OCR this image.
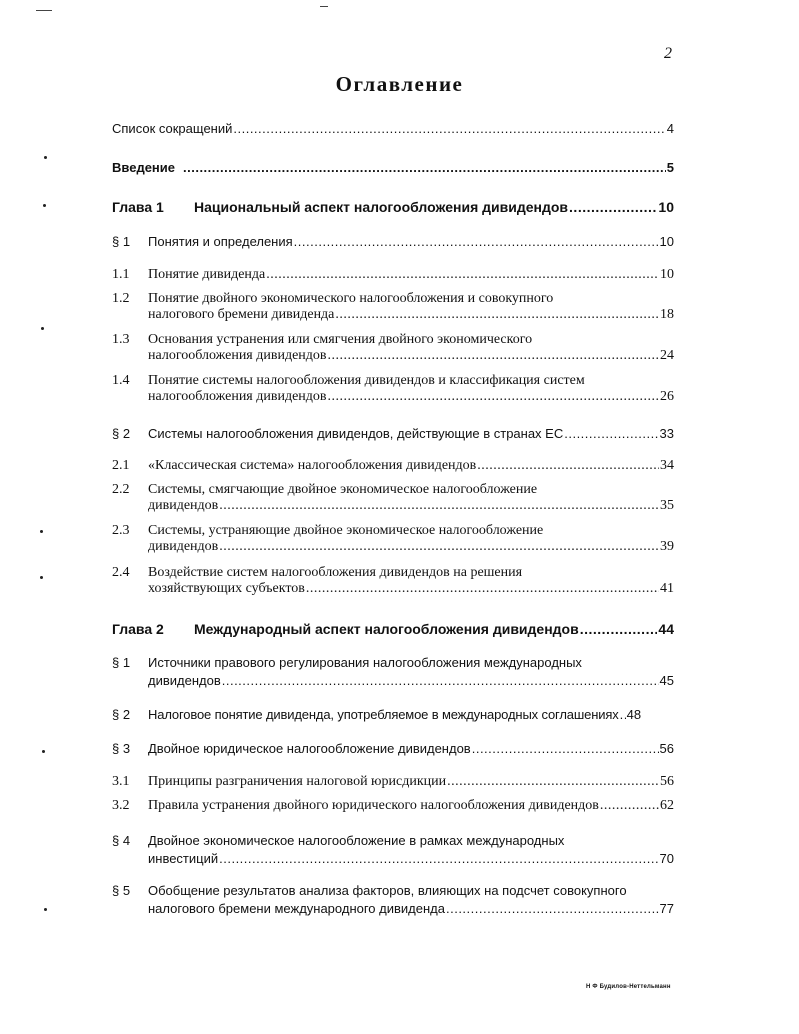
2
Оглавление
Список сокращений .....	4
Введение .....	5
Глава 1	Национальный аспект налогообложения дивидендов .....	10
§ 1	Понятия и определения .....	10
1.1	Понятие дивиденда .....	10
1.2	Понятие двойного экономического налогообложения и совокупного
налогового бремени дивиденда .....	18
1.3	Основания устранения или смягчения двойного экономического
налогообложения дивидендов .....	24
1.4	Понятие системы налогообложения дивидендов и классификация систем
налогообложения дивидендов .....	26
§ 2	Системы налогообложения дивидендов, действующие в странах ЕС .....	33
2.1	«Классическая система» налогообложения дивидендов .....	34
2.2	Системы, смягчающие двойное экономическое налогообложение
дивидендов .....	35
2.3	Системы, устраняющие двойное экономическое налогообложение
дивидендов .....	39
2.4	Воздействие систем налогообложения дивидендов на решения
хозяйствующих субъектов .....	41
Глава 2	Международный аспект налогообложения дивидендов .....	44
§ 1	Источники правового регулирования налогообложения международных
дивидендов .....	45
§ 2	Налоговое понятие дивиденда, употребляемое в международных соглашениях ..... 48
§ 3	Двойное юридическое налогообложение дивидендов .....	56
3.1	Принципы разграничения налоговой юрисдикции .....	56
3.2	Правила устранения двойного юридического налогообложения дивидендов .....	62
§ 4	Двойное экономическое налогообложение в рамках международных
инвестиций .....	70
§ 5	Обобщение результатов анализа факторов, влияющих на подсчет совокупного
налогового бремени международного дивиденда .....	77
Н Ф Будилов-Неттельманн
